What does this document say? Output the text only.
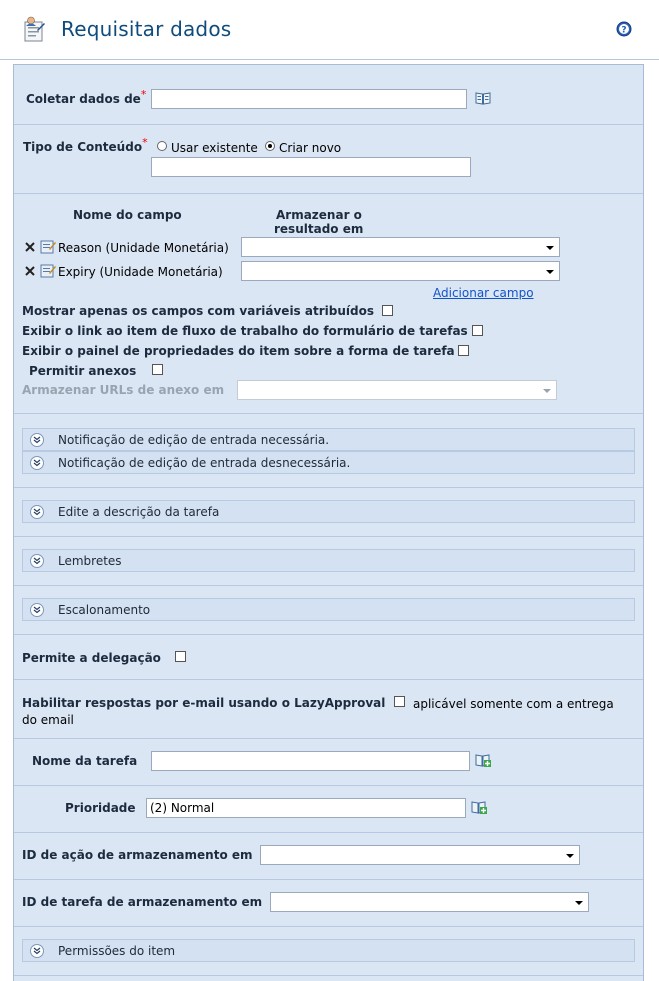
Requisitar dados	?
Coletar dados de*
Tipo de Conteúdo* Usar existente Criar novo
Nome do campo	Armazenar o
resultado em
Reason (Unidade Monetária)
Expiry (Unidade Monetária)
Adicionar campo
Mostrar apenas os campos com variáveis atribuídos
Exibir o link ao item de fluxo de trabalho do formulário de tarefas
Exibir o painel de propriedades do item sobre a forma de tarefa
Permitir anexos
Armazenar URLs de anexo em
Notificação de edição de entrada necessária.
Notificação de edição de entrada desnecessária.
Edite a descrição da tarefa
Lembretes
Escalonamento
Permite a delegação
Habilitar respostas por e-mail usando o LazyApproval aplicável somente com a entrega
do email
Nome da tarefa
Prioridade
(2) Normal
ID de ação de armazenamento em
ID de tarefa de armazenamento em
Permissões do item
